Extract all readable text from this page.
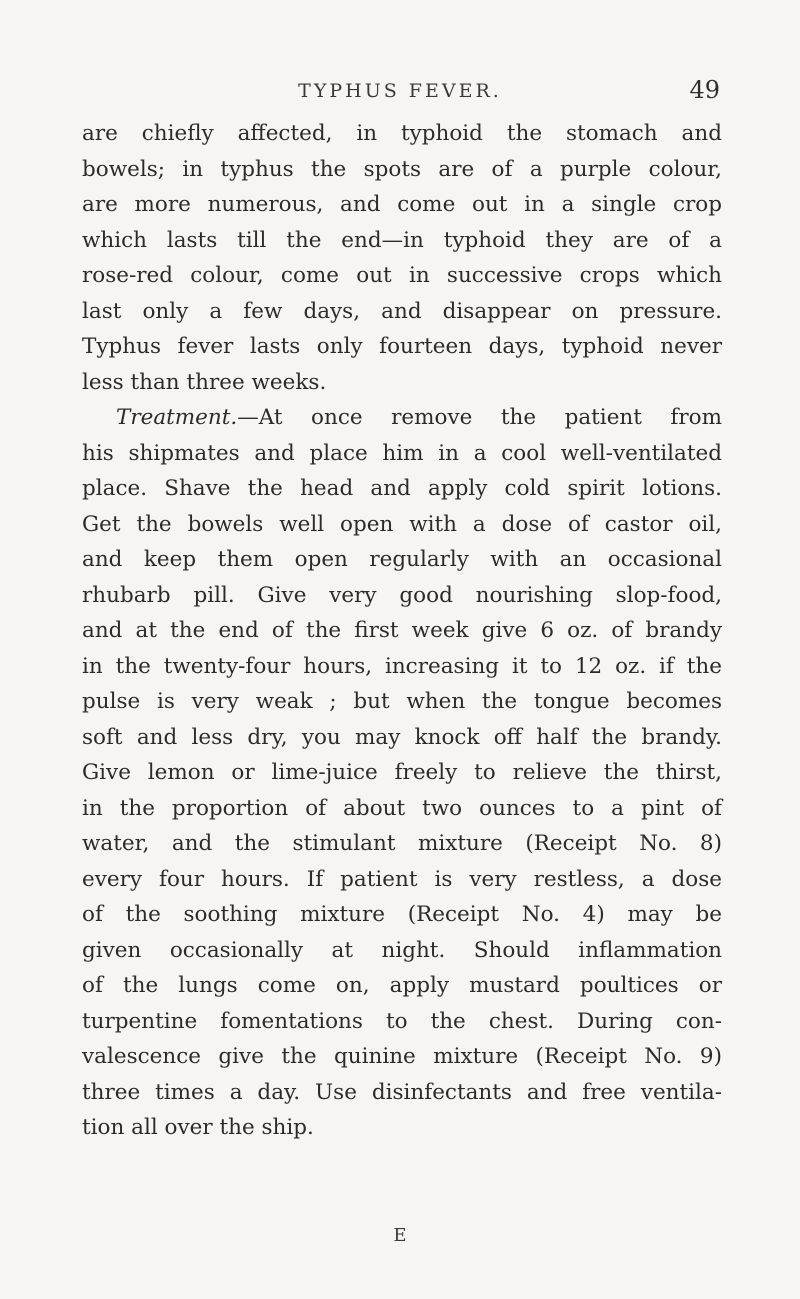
TYPHUS FEVER.	49
are chiefly affected, in typhoid the stomach and
bowels; in typhus the spots are of a purple colour,
are more numerous, and come out in a single crop
which lasts till the end—in typhoid they are of a
rose-red colour, come out in successive crops which
last only a few days, and disappear on pressure.
Typhus fever lasts only fourteen days, typhoid never
less than three weeks.
Treatment.—At once remove the patient from
his shipmates and place him in a cool well-ventilated
place. Shave the head and apply cold spirit lotions.
Get the bowels well open with a dose of castor oil,
and keep them open regularly with an occasional
rhubarb pill. Give very good nourishing slop-food,
and at the end of the first week give 6 oz. of brandy
in the twenty-four hours, increasing it to 12 oz. if the
pulse is very weak ; but when the tongue becomes
soft and less dry, you may knock off half the brandy.
Give lemon or lime-juice freely to relieve the thirst,
in the proportion of about two ounces to a pint of
water, and the stimulant mixture (Receipt No. 8)
every four hours. If patient is very restless, a dose
of the soothing mixture (Receipt No. 4) may be
given occasionally at night. Should inflammation
of the lungs come on, apply mustard poultices or
turpentine fomentations to the chest. During con-
valescence give the quinine mixture (Receipt No. 9)
three times a day. Use disinfectants and free ventila-
tion all over the ship.
E
